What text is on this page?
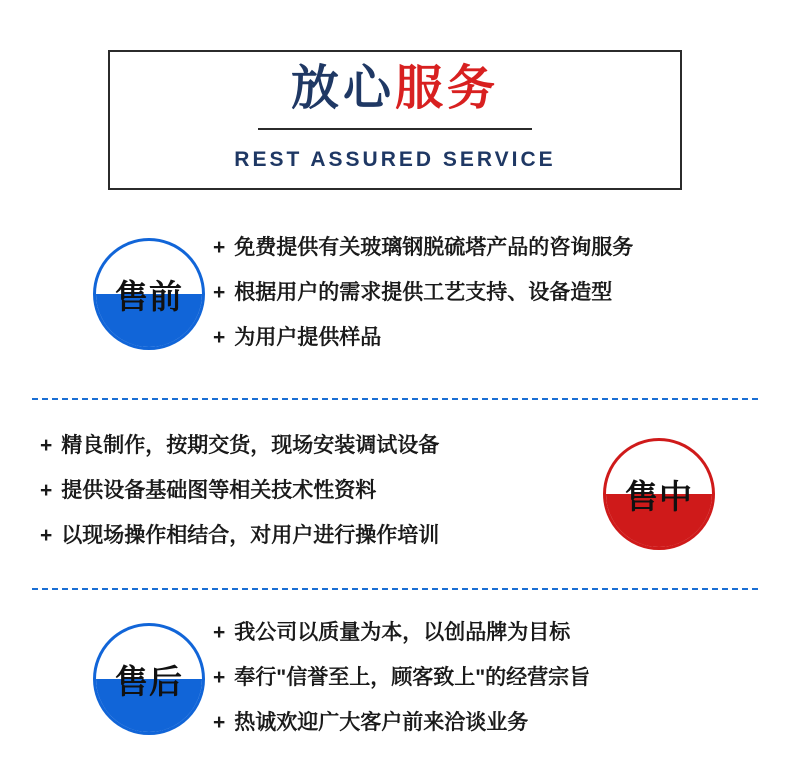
放心服务
REST ASSURED SERVICE
售前
+ 免费提供有关玻璃钢脱硫塔产品的咨询服务
+ 根据用户的需求提供工艺支持、设备造型
+ 为用户提供样品
售中
+ 精良制作，按期交货，现场安装调试设备
+ 提供设备基础图等相关技术性资料
+ 以现场操作相结合，对用户进行操作培训
售后
+ 我公司以质量为本，以创品牌为目标
+ 奉行"信誉至上，顾客致上"的经营宗旨
+ 热诚欢迎广大客户前来洽谈业务
